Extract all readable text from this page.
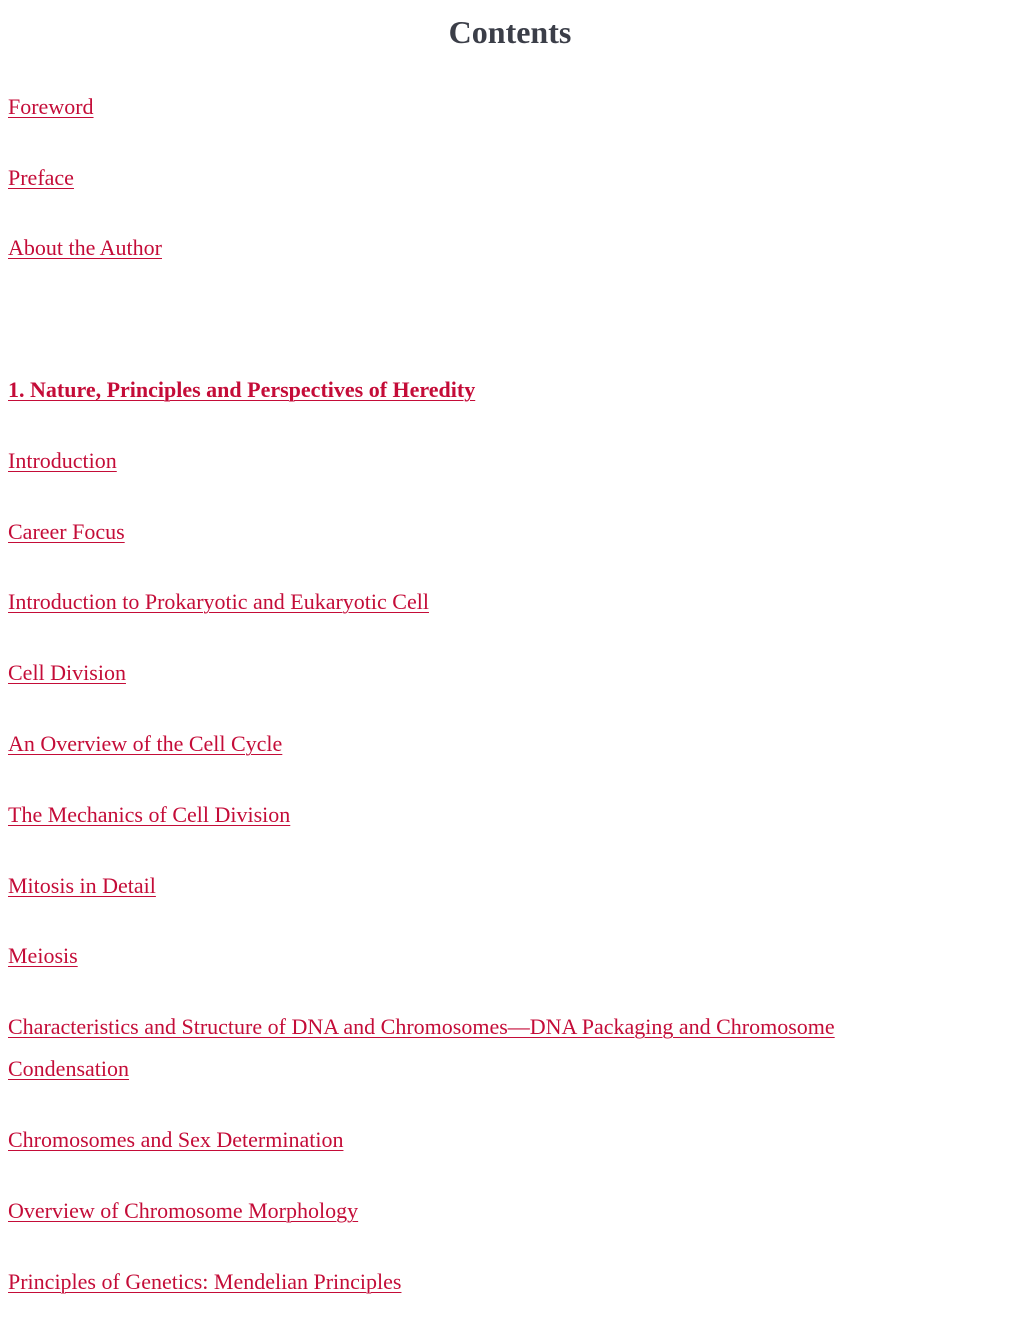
Contents
Foreword
Preface
About the Author
1. Nature, Principles and Perspectives of Heredity
Introduction
Career Focus
Introduction to Prokaryotic and Eukaryotic Cell
Cell Division
An Overview of the Cell Cycle
The Mechanics of Cell Division
Mitosis in Detail
Meiosis
Characteristics and Structure of DNA and Chromosomes—DNA Packaging and Chromosome Condensation
Chromosomes and Sex Determination
Overview of Chromosome Morphology
Principles of Genetics: Mendelian Principles
